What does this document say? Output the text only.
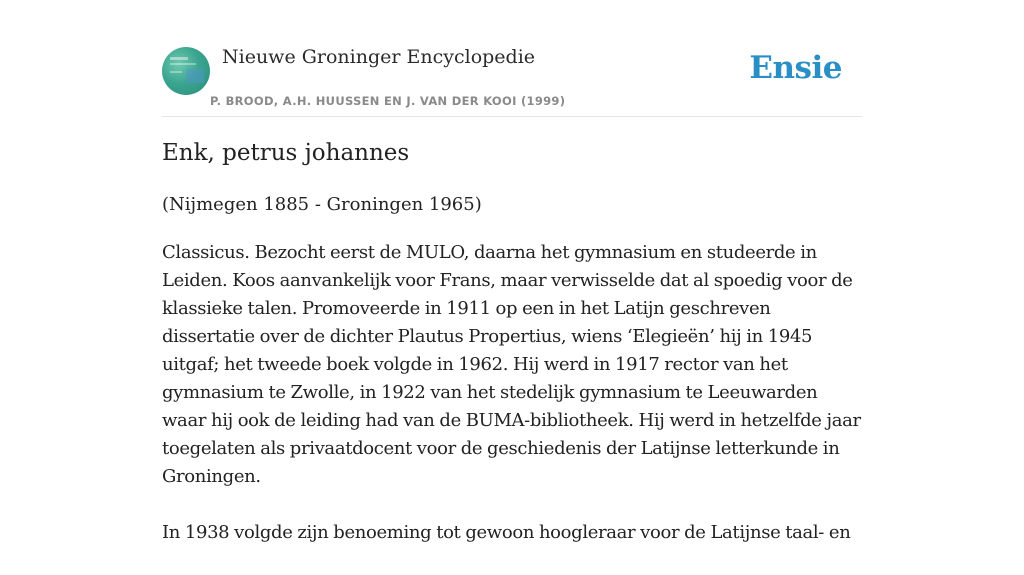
Nieuwe Groninger Encyclopedie
P. BROOD, A.H. HUUSSEN EN J. VAN DER KOOI (1999)
Ensie
Enk, petrus johannes

(Nijmegen 1885 - Groningen 1965)

Classicus. Bezocht eerst de MULO, daarna het gymnasium en studeerde in Leiden. Koos aanvankelijk voor Frans, maar verwisselde dat al spoedig voor de klassieke talen. Promoveerde in 1911 op een in het Latijn geschreven dissertatie over de dichter Plautus Propertius, wiens ‘Elegieën’ hij in 1945 uitgaf; het tweede boek volgde in 1962. Hij werd in 1917 rector van het gymnasium te Zwolle, in 1922 van het stedelijk gymnasium te Leeuwarden waar hij ook de leiding had van de BUMA-bibliotheek. Hij werd in hetzelfde jaar toegelaten als privaatdocent voor de geschiedenis der Latijnse letterkunde in Groningen.

In 1938 volgde zijn benoeming tot gewoon hoogleraar voor de Latijnse taal- en
